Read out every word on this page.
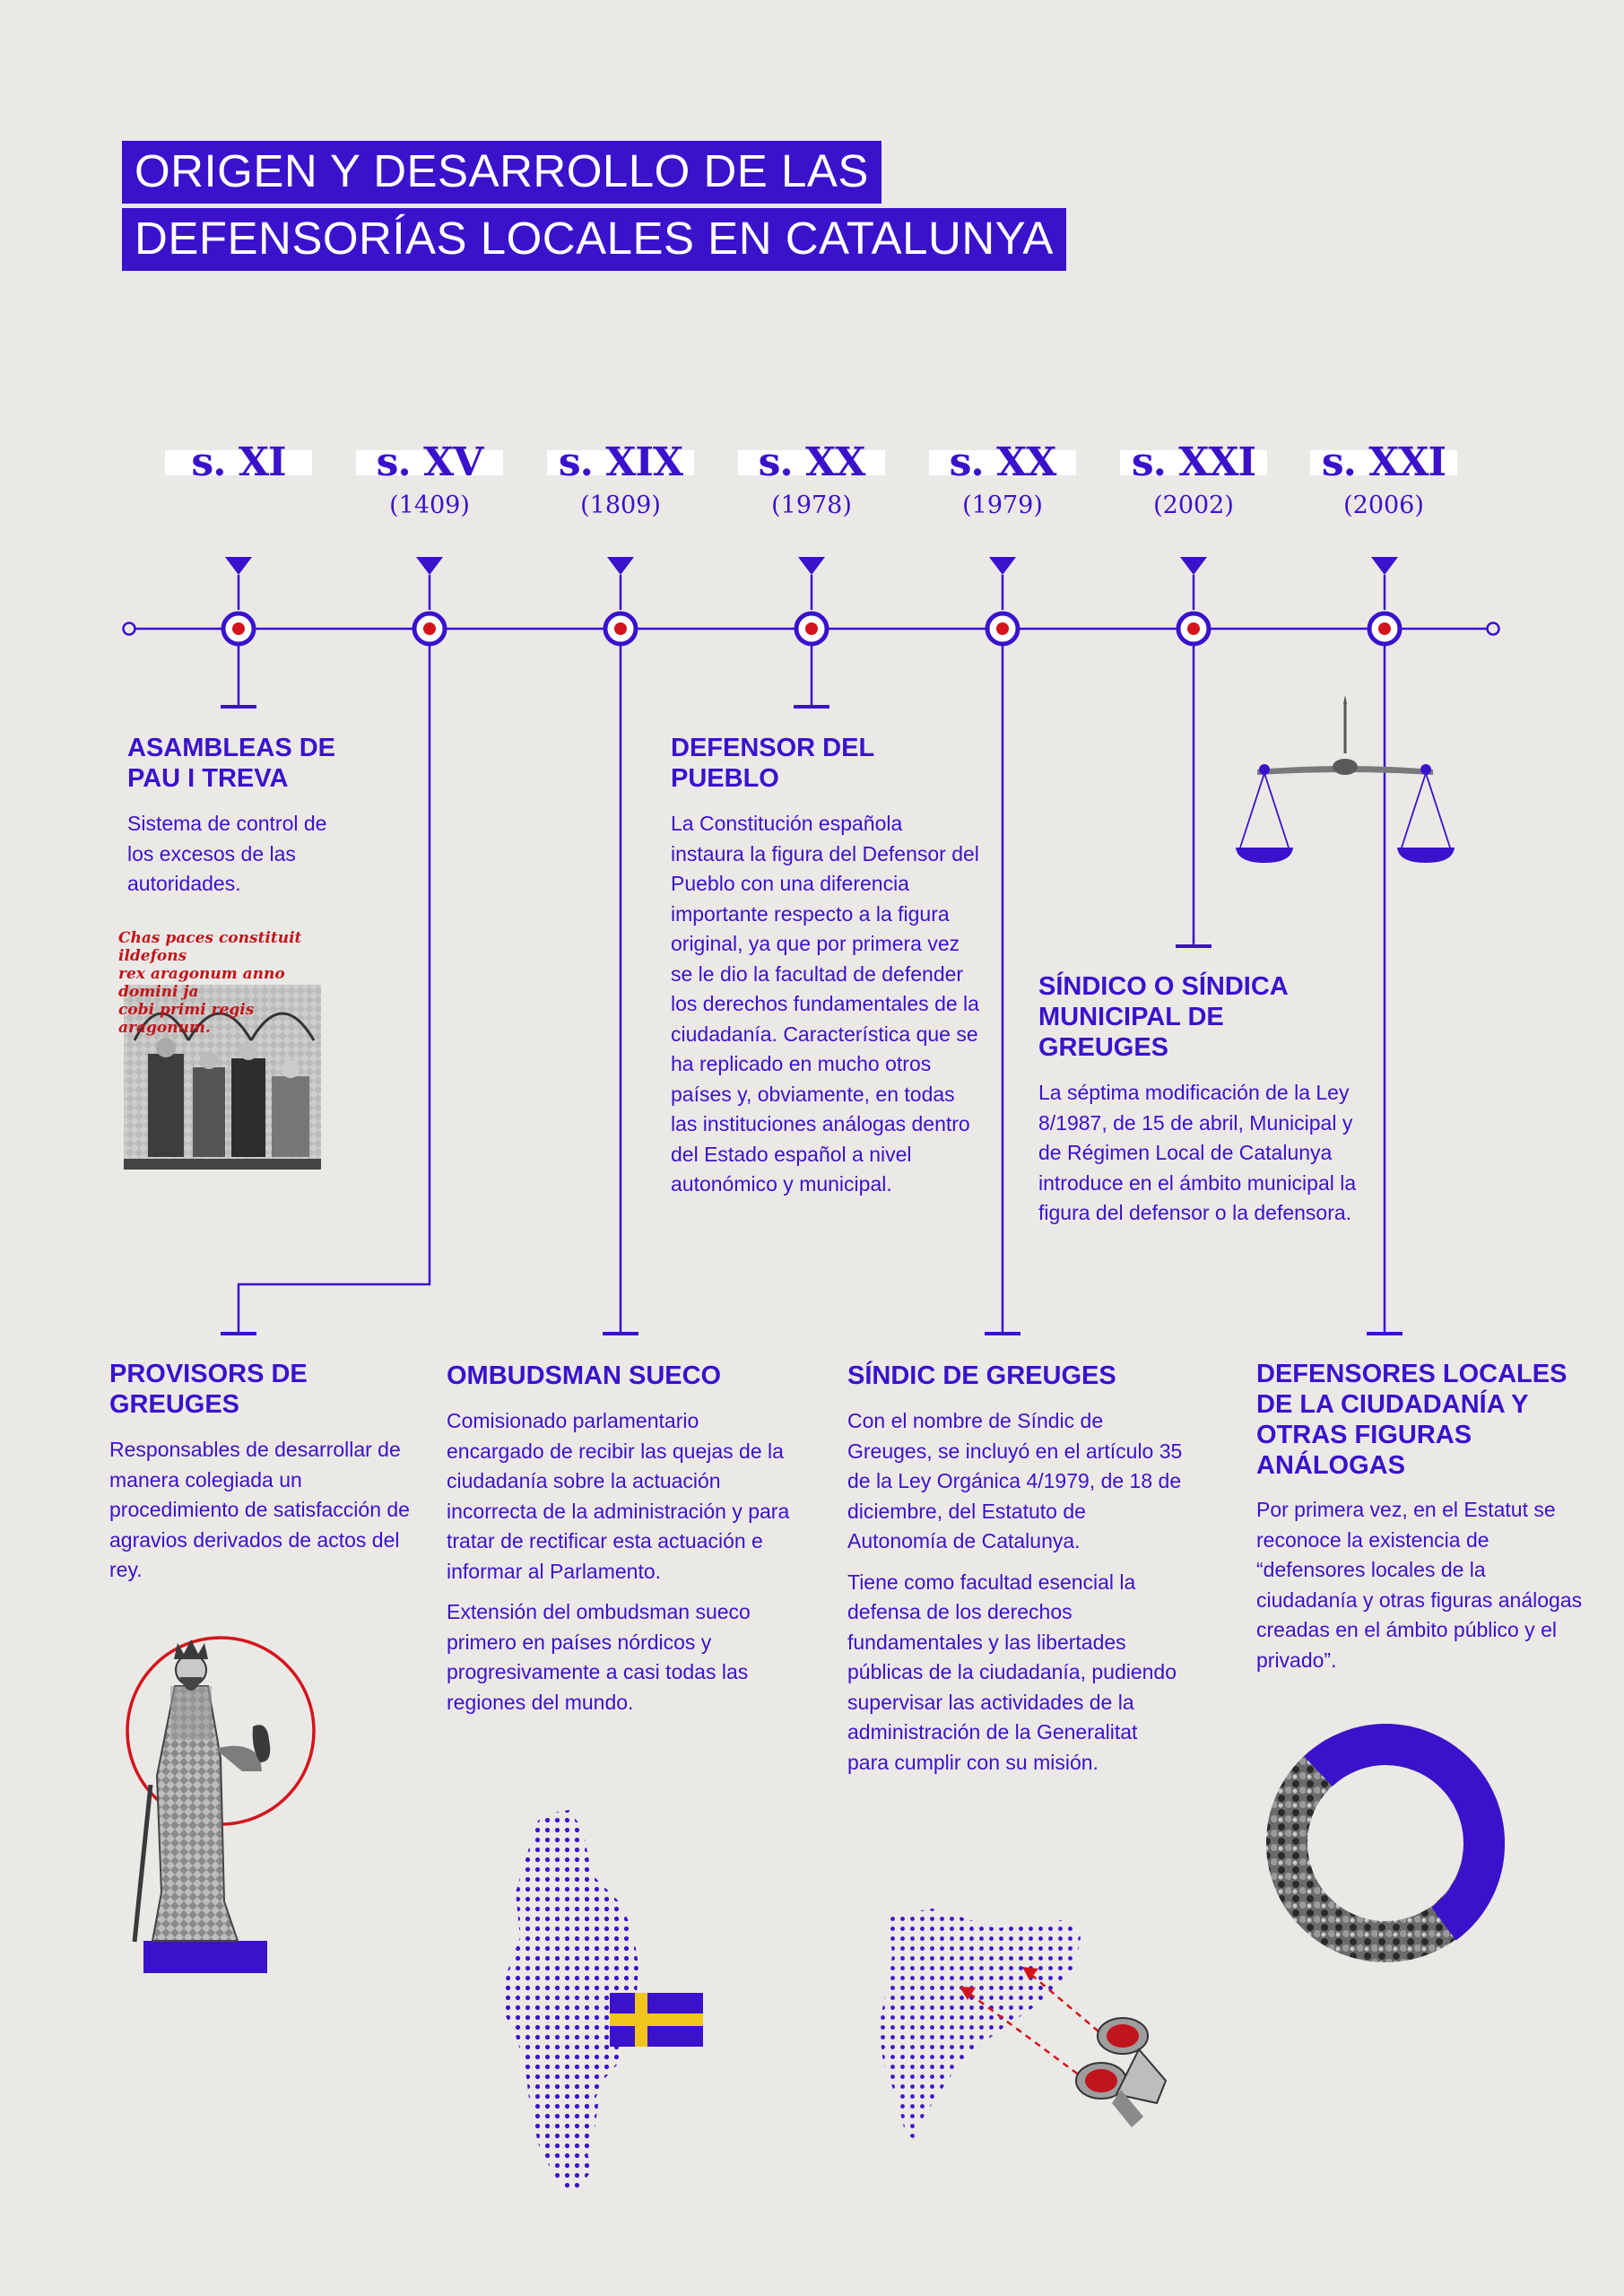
ORIGEN Y DESARROLLO DE LAS
DEFENSORÍAS LOCALES EN CATALUNYA
s. XI	s. XV
(1409)
s. XIX
(1809)
s. XX
(1978)
s. XX
(1979)
s. XXI
(2002)
s. XXI
(2006)
Chas paces constituit ildefons
rex aragonum anno domini ja
cobi primi regis aragonum.
ASAMBLEAS DE PAU I TREVA
Sistema de control de los excesos de las autoridades.
DEFENSOR DEL PUEBLO
La Constitución española instaura la figura del Defensor del Pueblo con una diferencia importante respecto a la figura original, ya que por primera vez se le dio la facultad de defender los derechos fundamentales de la ciudadanía. Característica que se ha replicado en mucho otros países y, obviamente, en todas las instituciones análogas dentro del Estado español a nivel autonómico y municipal.
SÍNDICO O SÍNDICA MUNICIPAL DE GREUGES
La séptima modificación de la Ley 8/1987, de 15 de abril, Municipal y de Régimen Local de Catalunya introduce en el ámbito municipal la figura del defensor o la defensora.
PROVISORS DE GREUGES
Responsables de desarrollar de manera colegiada un procedimiento de satisfacción de agravios derivados de actos del rey.
OMBUDSMAN SUECO

Comisionado parlamentario encargado de recibir las quejas de la ciudadanía sobre la actuación incorrecta de la administración y para tratar de rectificar esta actuación e informar al Parlamento.

Extensión del ombudsman sueco primero en países nórdicos y progresivamente a casi todas las regiones del mundo.

SÍNDIC DE GREUGES

Con el nombre de Síndic de Greuges, se incluyó en el artículo 35 de la Ley Orgánica 4/1979, de 18 de diciembre, del Estatuto de Autonomía de Catalunya.

Tiene como facultad esencial la defensa de los derechos fundamentales y las libertades públicas de la ciudadanía, pudiendo supervisar las actividades de la administración de la Generalitat para cumplir con su misión.

DEFENSORES LOCALES DE LA CIUDADANÍA Y OTRAS FIGURAS ANÁLOGAS
Por primera vez, en el Estatut se reconoce la existencia de “defensores locales de la ciudadanía y otras figuras análogas creadas en el ámbito público y el privado”.
